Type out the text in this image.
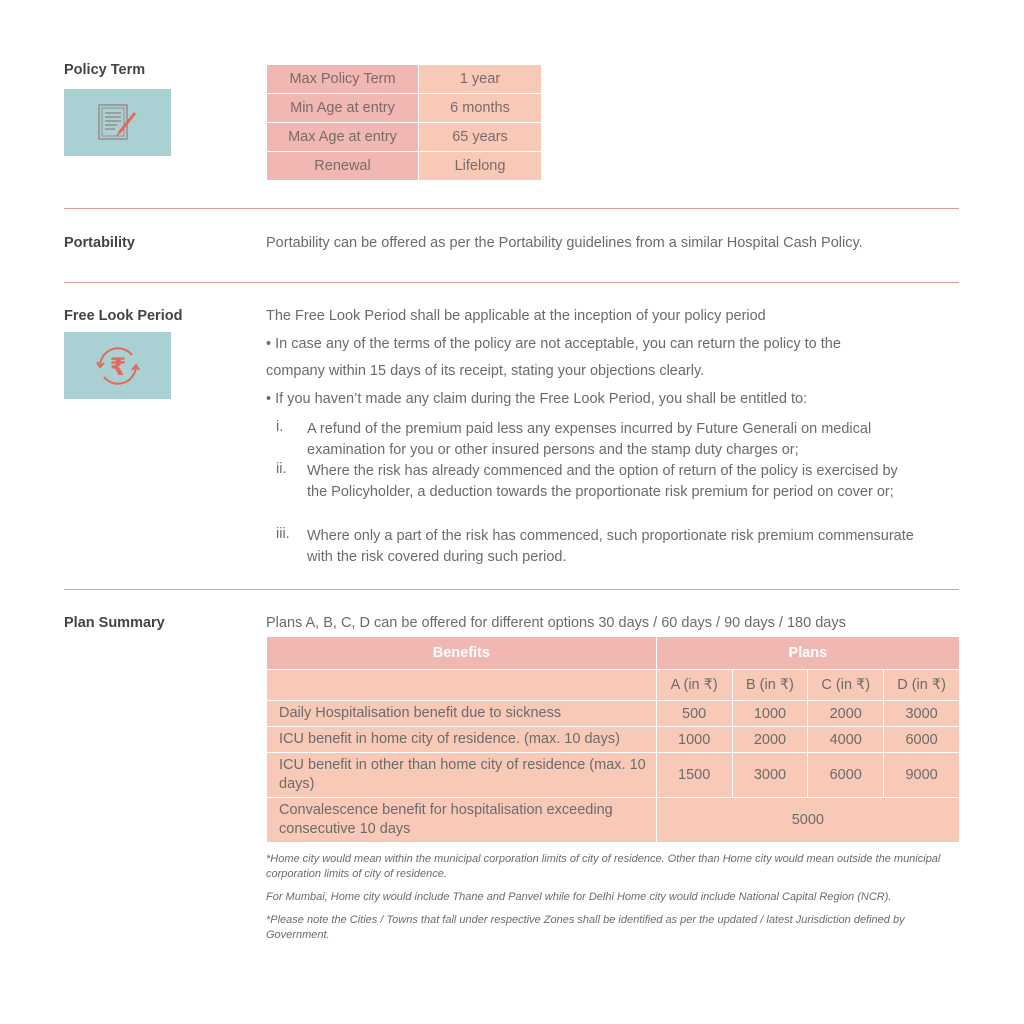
Policy Term
Max Policy Term	1 year
Min Age at entry	6 months
Max Age at entry	65 years
Renewal	Lifelong
Portability	Portability can be offered as per the Portability guidelines from a similar Hospital Cash Policy.
Free Look Period
₹
The Free Look Period shall be applicable at the inception of your policy period
• In case any of the terms of the policy are not acceptable, you can return the policy to the
company within 15 days of its receipt, stating your objections clearly.
• If you haven’t made any claim during the Free Look Period, you shall be entitled to:
i. A refund of the premium paid less any expenses incurred by Future Generali on medical examination for you or other insured persons and the stamp duty charges or;
ii. Where the risk has already commenced and the option of return of the policy is exercised by the Policyholder, a deduction towards the proportionate risk premium for period on cover or;
iii. Where only a part of the risk has commenced, such proportionate risk premium commensurate with the risk covered during such period.
Plan Summary	Plans A, B, C, D can be offered for different options 30 days / 60 days / 90 days / 180 days
Benefits	Plans			
	A (in ₹)	B (in ₹)	C (in ₹)	D (in ₹)
Daily Hospitalisation benefit due to sickness	500	1000	2000	3000
ICU benefit in home city of residence. (max. 10 days)	1000	2000	4000	6000
ICU benefit in other than home city of residence (max. 10 days)	1500	3000	6000	9000
Convalescence benefit for hospitalisation exceeding consecutive 10 days	5000			
*Home city would mean within the municipal corporation limits of city of residence. Other than Home city would mean outside the municipal corporation limits of city of residence.
For Mumbai, Home city would include Thane and Panvel while for Delhi Home city would include National Capital Region (NCR).
*Please note the Cities / Towns that fall under respective Zones shall be identified as per the updated / latest Jurisdiction defined by Government.
